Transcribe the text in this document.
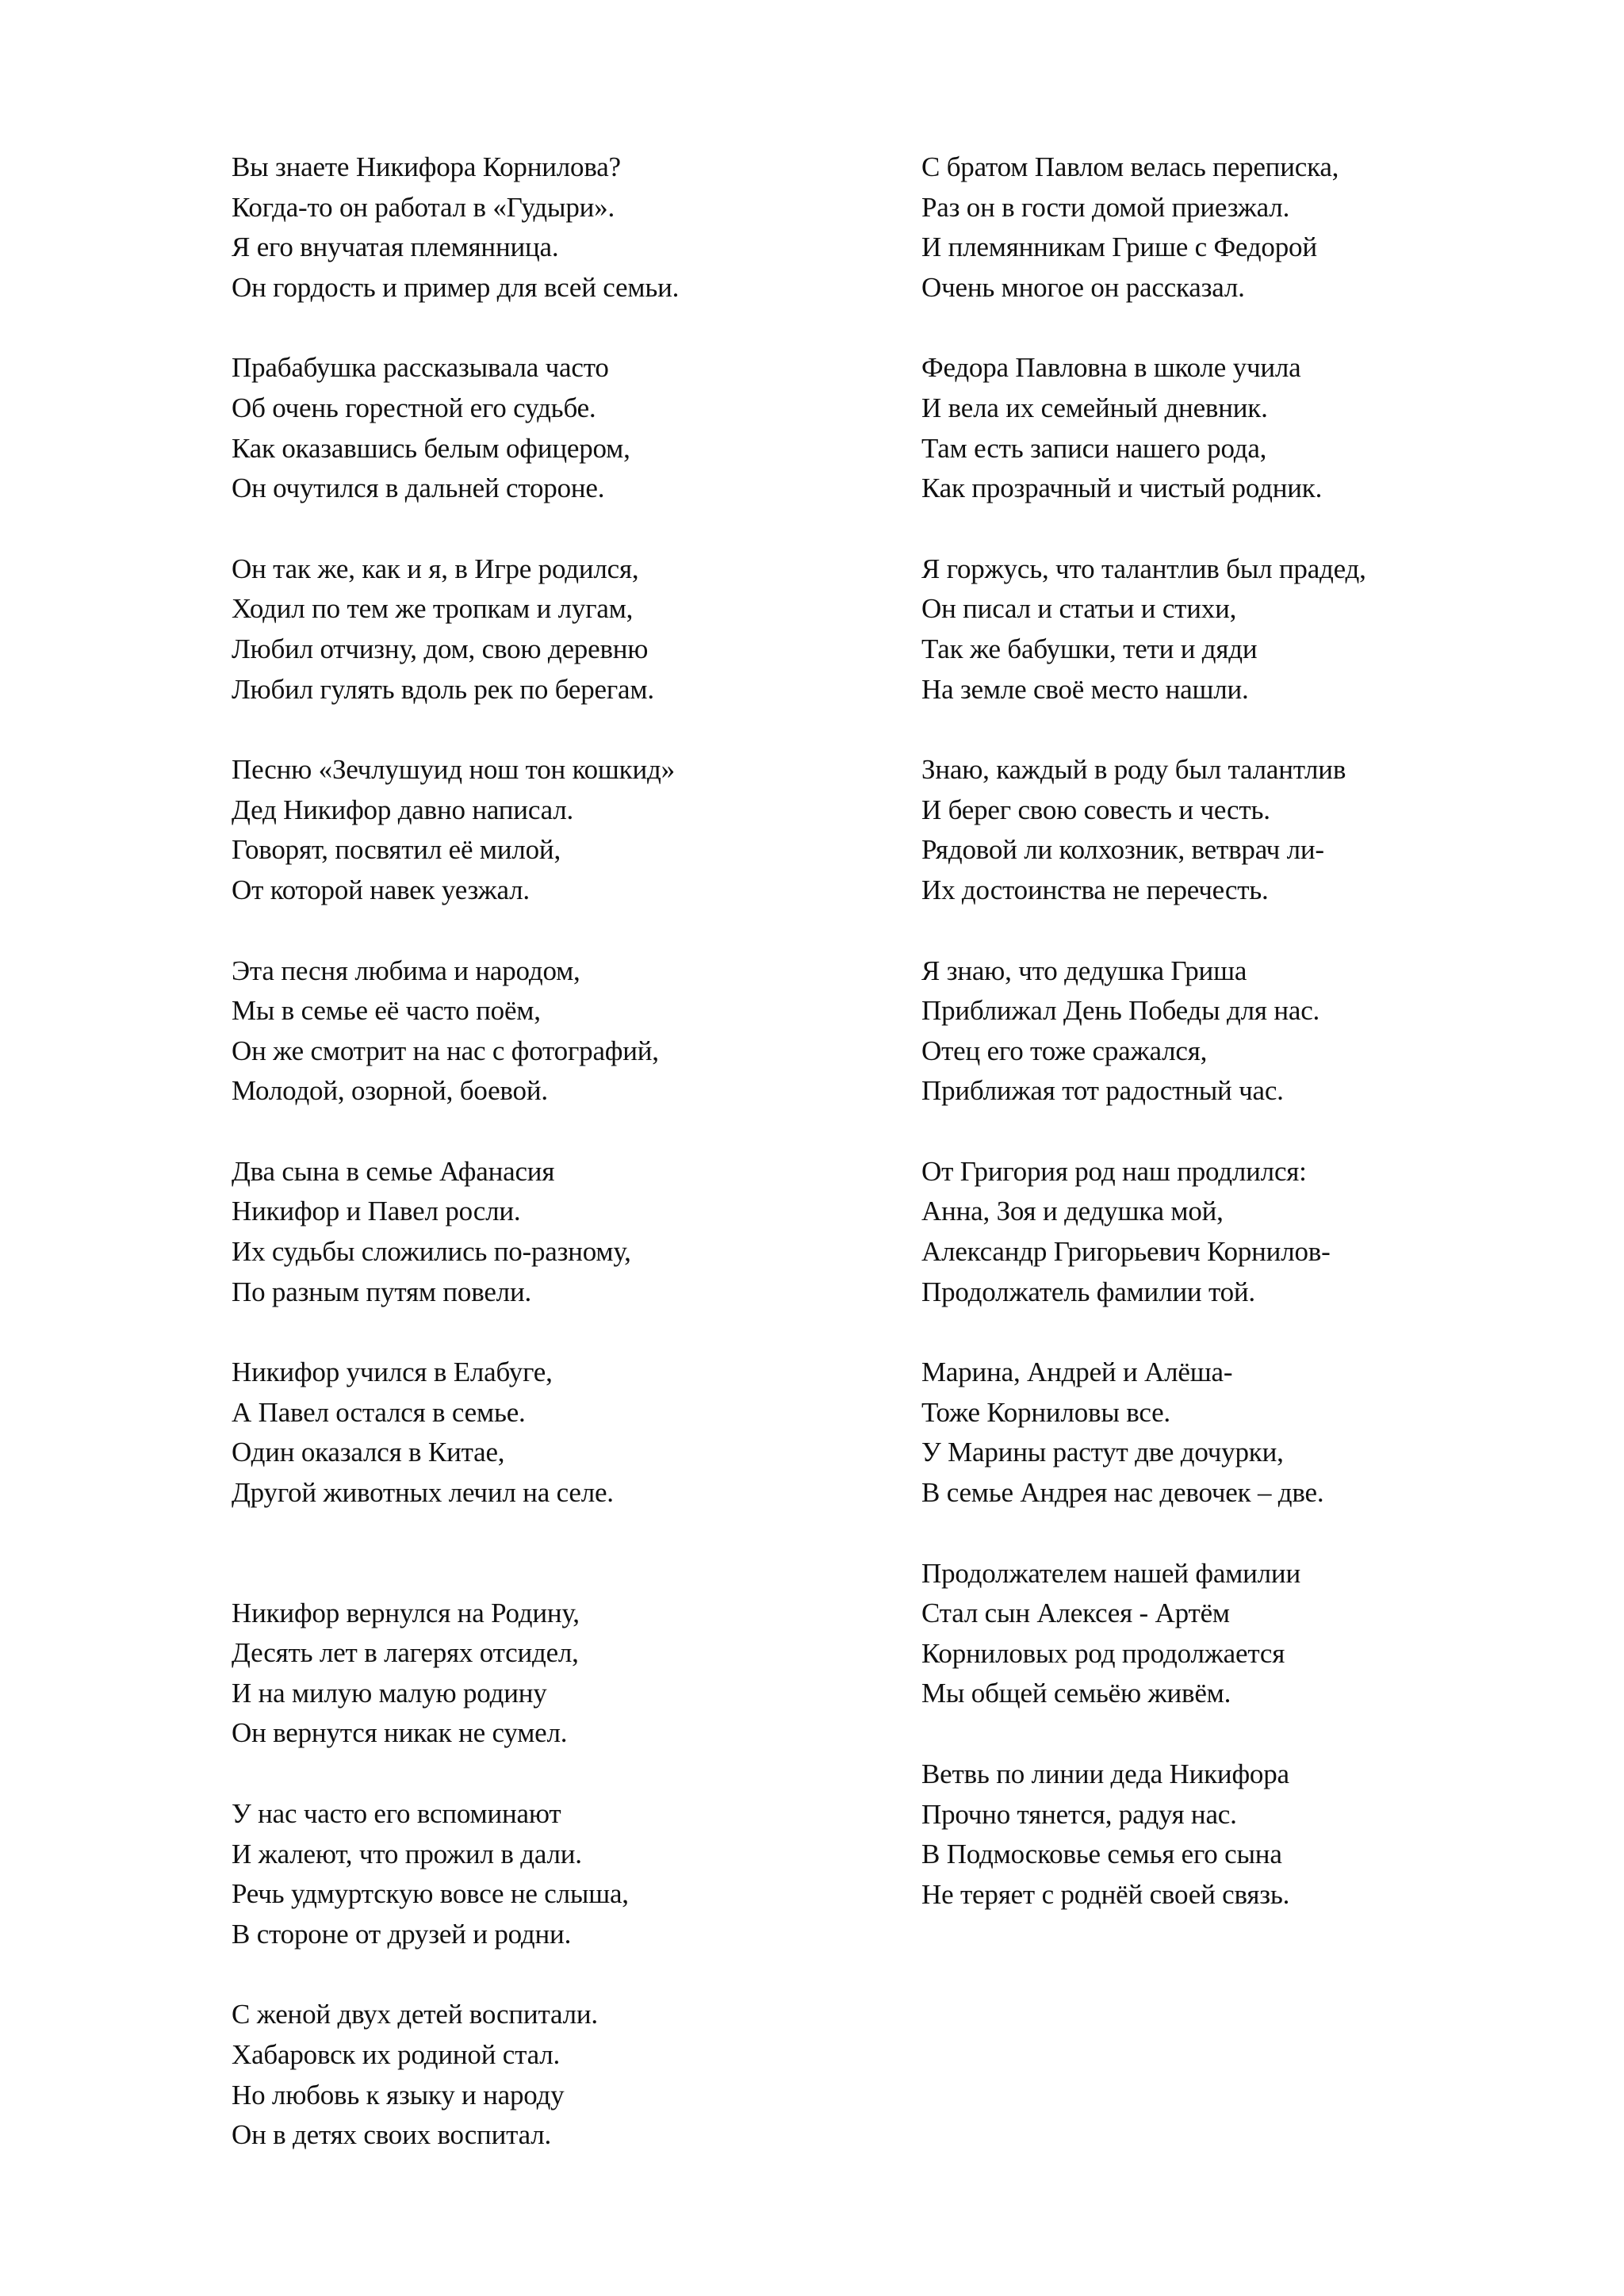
Вы знаете Никифора Корнилова?
Когда-то он работал в «Гудыри».
Я его внучатая племянница.
Он гордость и пример для всей семьи.
Прабабушка рассказывала часто
Об очень горестной его судьбе.
Как оказавшись белым офицером,
Он очутился в дальней стороне.
Он так же, как и я, в Игре родился,
Ходил по тем же тропкам и лугам,
Любил отчизну, дом, свою деревню
Любил гулять вдоль рек по берегам.
Песню «Зечлушуид нош тон кошкид»
Дед Никифор давно написал.
Говорят, посвятил её милой,
От которой навек уезжал.
Эта песня любима и народом,
Мы в семье её часто поём,
Он же смотрит на нас с фотографий,
Молодой, озорной, боевой.
Два сына в семье Афанасия
Никифор и Павел росли.
Их судьбы сложились по-разному,
По разным путям повели.
Никифор учился в Елабуге,
А Павел остался в семье.
Один оказался в Китае,
Другой животных лечил на селе.
Никифор вернулся на Родину,
Десять лет в лагерях отсидел,
И на милую малую родину
Он вернутся никак не сумел.
У нас часто его вспоминают
И жалеют, что прожил в дали.
Речь удмуртскую вовсе не слыша,
В стороне от друзей и родни.
С женой двух детей воспитали.
Хабаровск их родиной стал.
Но любовь к языку и народу
Он в детях своих воспитал.
С братом Павлом велась переписка,
Раз он в гости домой приезжал.
И племянникам Грише с Федорой
Очень многое он рассказал.
Федора Павловна в школе учила
И вела их семейный дневник.
Там есть записи нашего рода,
Как прозрачный и чистый родник.
Я горжусь, что талантлив был прадед,
Он писал и статьи и стихи,
Так же бабушки, тети и дяди
На земле своё место нашли.
Знаю, каждый в роду был талантлив
И берег свою совесть и честь.
Рядовой ли колхозник, ветврач ли-
Их достоинства не перечесть.
Я знаю, что дедушка Гриша
Приближал День Победы для нас.
Отец его тоже сражался,
Приближая тот радостный час.
От Григория род наш продлился:
Анна, Зоя и дедушка мой,
Александр Григорьевич Корнилов-
Продолжатель фамилии той.
Марина, Андрей и Алёша-
Тоже Корниловы все.
У Марины растут две дочурки,
В семье Андрея нас девочек – две.
Продолжателем нашей фамилии
Стал сын Алексея - Артём
Корниловых род продолжается
Мы общей семьёю живём.
Ветвь по линии деда Никифора
Прочно тянется, радуя нас.
В Подмосковье семья его сына
Не теряет с роднёй своей связь.
